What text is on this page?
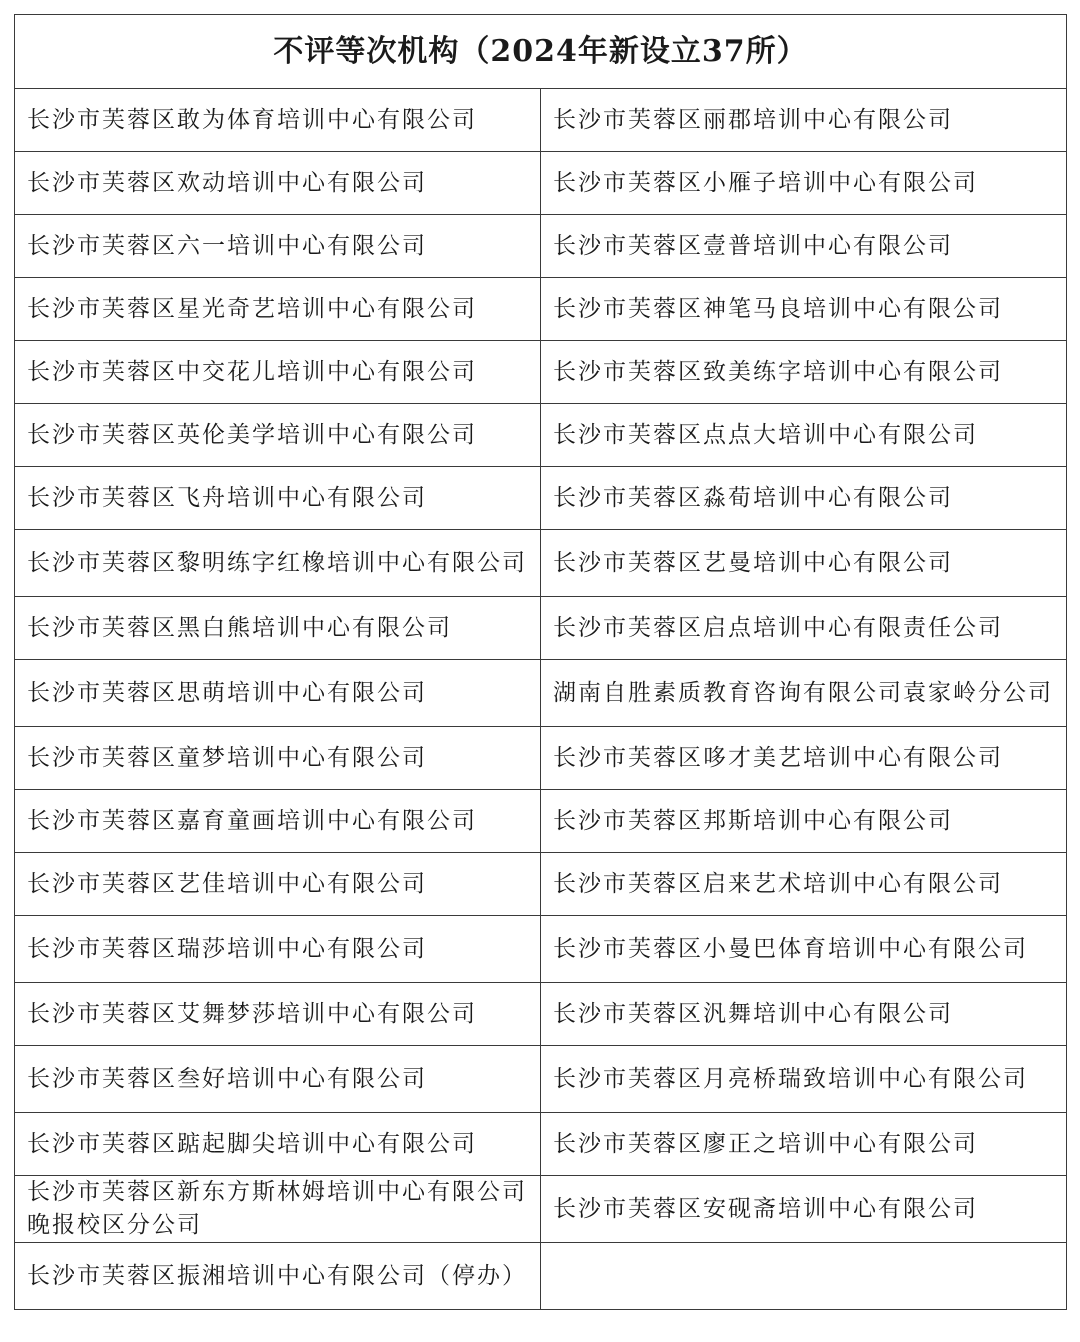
不评等次机构（2024年新设立37所）	

长沙市芙蓉区敢为体育培训中心有限公司	长沙市芙蓉区丽郡培训中心有限公司

长沙市芙蓉区欢动培训中心有限公司	长沙市芙蓉区小雁子培训中心有限公司

长沙市芙蓉区六一培训中心有限公司	长沙市芙蓉区壹普培训中心有限公司

长沙市芙蓉区星光奇艺培训中心有限公司	长沙市芙蓉区神笔马良培训中心有限公司

长沙市芙蓉区中交花儿培训中心有限公司	长沙市芙蓉区致美练字培训中心有限公司

长沙市芙蓉区英伦美学培训中心有限公司	长沙市芙蓉区点点大培训中心有限公司

长沙市芙蓉区飞舟培训中心有限公司	长沙市芙蓉区淼荀培训中心有限公司

长沙市芙蓉区黎明练字红橡培训中心有限公司	长沙市芙蓉区艺曼培训中心有限公司

长沙市芙蓉区黑白熊培训中心有限公司	长沙市芙蓉区启点培训中心有限责任公司

长沙市芙蓉区思萌培训中心有限公司	湖南自胜素质教育咨询有限公司袁家岭分公司

长沙市芙蓉区童梦培训中心有限公司	长沙市芙蓉区哆才美艺培训中心有限公司

长沙市芙蓉区嘉育童画培训中心有限公司	长沙市芙蓉区邦斯培训中心有限公司

长沙市芙蓉区艺佳培训中心有限公司	长沙市芙蓉区启来艺术培训中心有限公司

长沙市芙蓉区瑞莎培训中心有限公司	长沙市芙蓉区小曼巴体育培训中心有限公司

长沙市芙蓉区艾舞梦莎培训中心有限公司	长沙市芙蓉区汎舞培训中心有限公司

长沙市芙蓉区叁好培训中心有限公司	长沙市芙蓉区月亮桥瑞致培训中心有限公司

长沙市芙蓉区踮起脚尖培训中心有限公司	长沙市芙蓉区廖正之培训中心有限公司

长沙市芙蓉区新东方斯林姆培训中心有限公司晚报校区分公司	长沙市芙蓉区安砚斋培训中心有限公司

长沙市芙蓉区振湘培训中心有限公司（停办）	
